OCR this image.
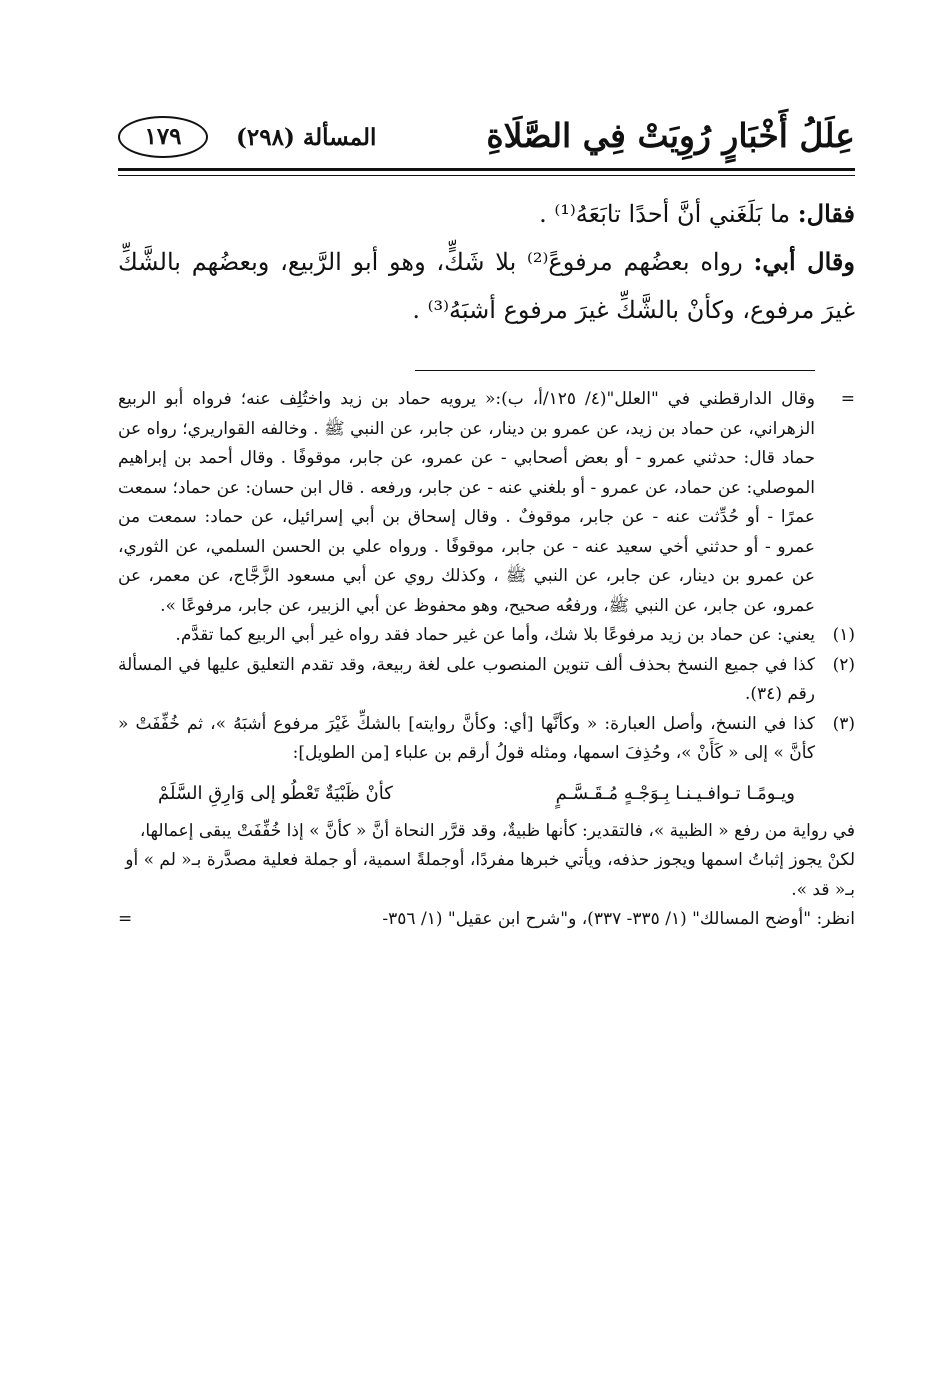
عِلَلُ أَخْبَارٍ رُوِيَتْ فِي الصَّلَاةِ
المسألة (٢٩٨)
١٧٩

فقال: ما بَلَغَني أنَّ أحدًا تابَعَهُ⁽¹⁾ .

وقال أبي: رواه بعضُهم مرفوعً⁽²⁾ بلا شَكٍّ، وهو أبو الرَّبيع، وبعضُهم بالشَّكِّ غيرَ مرفوع، وكأنْ بالشَّكِّ غيرَ مرفوع أشبَهُ⁽³⁾ .

=
وقال الدارقطني في "العلل"(٤/ ١٢٥/أ، ب):« يرويه حماد بن زيد واختُلِف عنه؛ فرواه أبو الربيع الزهراني، عن حماد بن زيد، عن عمرو بن دينار، عن جابر، عن النبي ﷺ . وخالفه القواريري؛ رواه عن حماد قال: حدثني عمرو - أو بعض أصحابي - عن عمرو، عن جابر، موقوفًا . وقال أحمد بن إبراهيم الموصلي: عن حماد، عن عمرو - أو بلغني عنه - عن جابر، ورفعه . قال ابن حسان: عن حماد؛ سمعت عمرًا - أو حُدِّثت عنه - عن جابر، موقوفٌ . وقال إسحاق بن أبي إسرائيل، عن حماد: سمعت من عمرو - أو حدثني أخي سعيد عنه - عن جابر، موقوفًا . ورواه علي بن الحسن السلمي، عن الثوري، عن عمرو بن دينار، عن جابر، عن النبي ﷺ ، وكذلك روي عن أبي مسعود الزَّجَّاج، عن معمر، عن عمرو، عن جابر، عن النبي ﷺ، ورفعُه صحيح، وهو محفوظ عن أبي الزبير، عن جابر، مرفوعًا ».
(١)
يعني: عن حماد بن زيد مرفوعًا بلا شك، وأما عن غير حماد فقد رواه غير أبي الربيع كما تقدَّم.
(٢)
كذا في جميع النسخ بحذف ألف تنوين المنصوب على لغة ربيعة، وقد تقدم التعليق عليها في المسألة رقم (٣٤).
(٣)
كذا في النسخ، وأصل العبارة: « وكأنَّها [أي: وكأنَّ روايته] بالشكِّ غَيْرَ مرفوع أشبَهُ »، ثم خُفِّفَتْ « كأنَّ » إلى « كَأَنْ »، وحُذِفَ اسمها، ومثله قولُ أرقم بن علباء [من الطويل]:
ويـومًـا تـوافـيـنـا بِـوَجْـهٍ مُـقَـسَّـمٍ
كأنْ ظَبْيَةٌ تَعْطُو إلى وَارِقِ السَّلَمْ
في رواية من رفع « الظبية »، فالتقدير: كأنها ظبيةٌ، وقد قرَّر النحاة أنَّ « كأنَّ » إذا خُفِّفَتْ يبقى إعمالها، لكنْ يجوز إثباتُ اسمها ويجوز حذفه، ويأتي خبرها مفردًا، أوجملةً اسمية، أو جملة فعلية مصدَّرة بـ« لم » أو بـ« قد ».
انظر: "أوضح المسالك" (١/ ٣٣٥- ٣٣٧)، و"شرح ابن عقيل" (١/ ٣٥٦-
=
